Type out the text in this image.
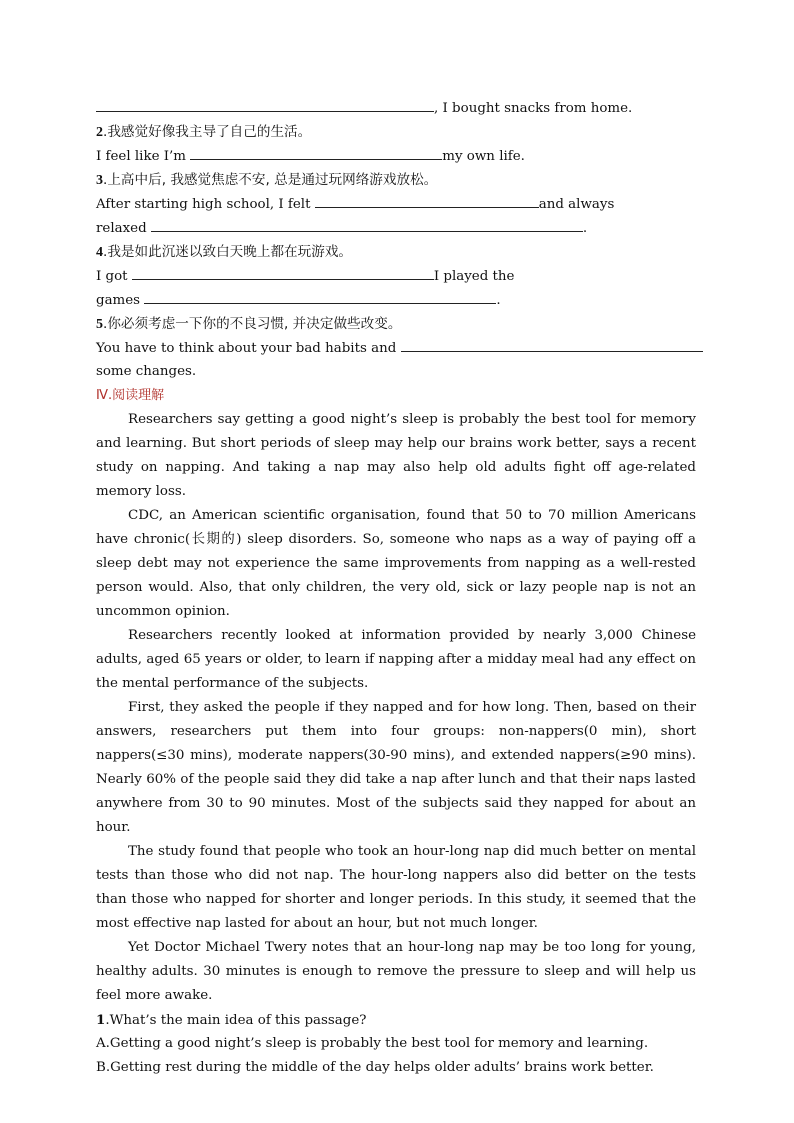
, I bought snacks from home.
2.我感觉好像我主导了自己的生活。
I feel like I’m	my own life.
3.上高中后, 我感觉焦虑不安, 总是通过玩网络游戏放松。
After starting high school, I felt	and always
relaxed	.
4.我是如此沉迷以致白天晚上都在玩游戏。
I got	I played the
games	.
5.你必须考虑一下你的不良习惯, 并决定做些改变。
You have to think about your bad habits and
some changes.
Ⅳ.阅读理解

Researchers say getting a good night’s sleep is probably the best tool for memory and learning. But short periods of sleep may help our brains work better, says a recent study on napping. And taking a nap may also help old adults fight off age-related memory loss.

CDC, an American scientific organisation, found that 50 to 70 million Americans have chronic(长期的) sleep disorders. So, someone who naps as a way of paying off a sleep debt may not experience the same improvements from napping as a well-rested person would. Also, that only children, the very old, sick or lazy people nap is not an uncommon opinion.

Researchers recently looked at information provided by nearly 3,000 Chinese adults, aged 65 years or older, to learn if napping after a midday meal had any effect on the mental performance of the subjects.

First, they asked the people if they napped and for how long. Then, based on their answers, researchers put them into four groups: non-nappers(0 min), short nappers(≤30 mins), moderate nappers(30-90 mins), and extended nappers(≥90 mins). Nearly 60% of the people said they did take a nap after lunch and that their naps lasted anywhere from 30 to 90 minutes. Most of the subjects said they napped for about an hour.

The study found that people who took an hour-long nap did much better on mental tests than those who did not nap. The hour-long nappers also did better on the tests than those who napped for shorter and longer periods. In this study, it seemed that the most effective nap lasted for about an hour, but not much longer.

Yet Doctor Michael Twery notes that an hour-long nap may be too long for young, healthy adults. 30 minutes is enough to remove the pressure to sleep and will help us feel more awake.

1.What’s the main idea of this passage?
A.Getting a good night’s sleep is probably the best tool for memory and learning.
B.Getting rest during the middle of the day helps older adults’ brains work better.
